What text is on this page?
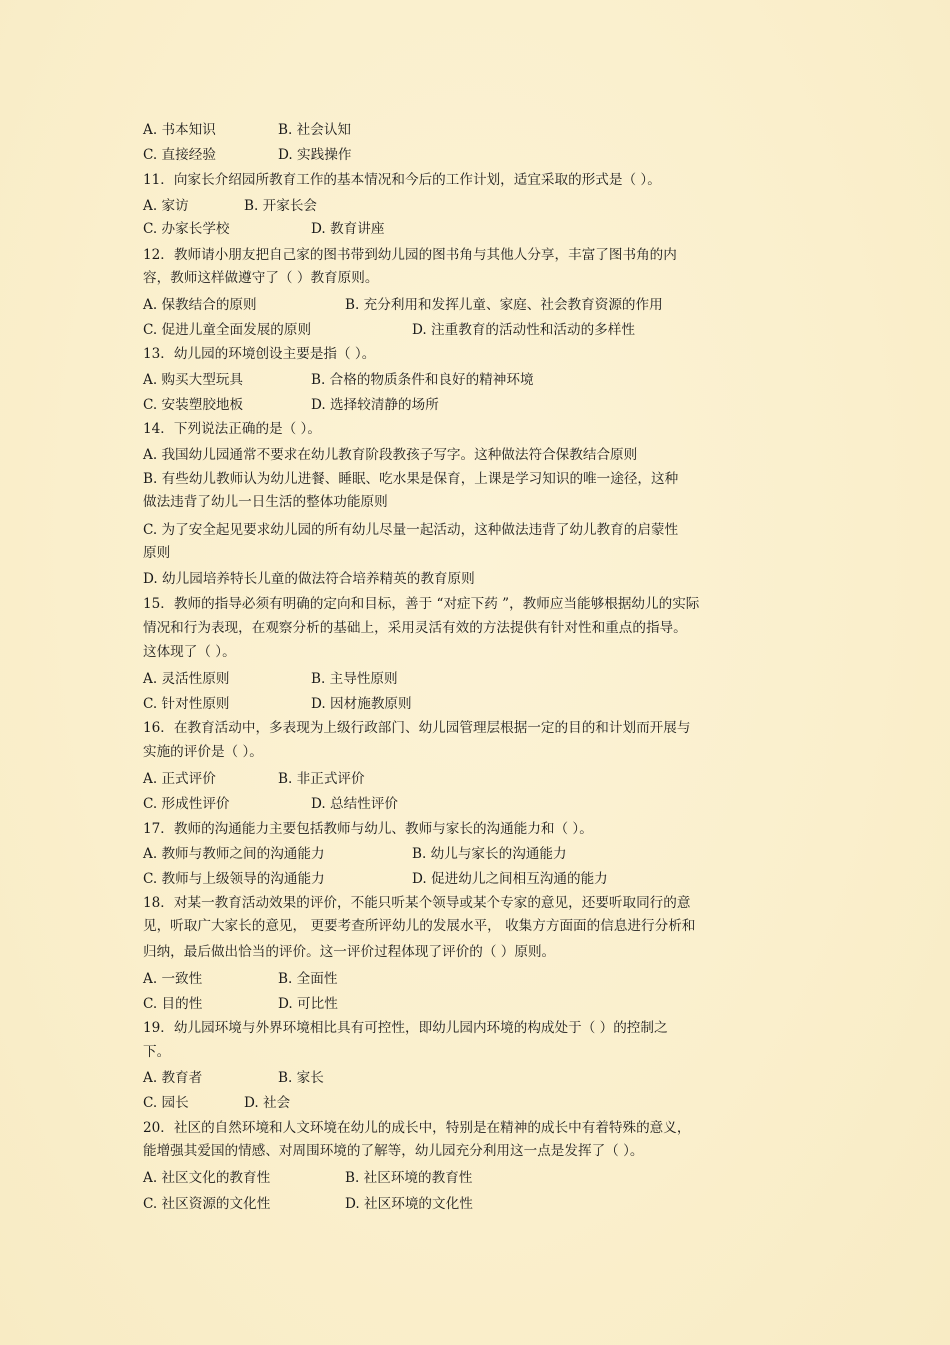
A. 书本知识	B. 社会认知
C. 直接经验	D. 实践操作
11．向家长介绍园所教育工作的基本情况和今后的工作计划，适宜采取的形式是（ ）。
A. 家访	B. 开家长会
C. 办家长学校	D. 教育讲座
12．教师请小朋友把自己家的图书带到幼儿园的图书角与其他人分享，丰富了图书角的内
容，教师这样做遵守了（ ）教育原则。
A. 保教结合的原则	B. 充分利用和发挥儿童、家庭、社会教育资源的作用
C. 促进儿童全面发展的原则	D. 注重教育的活动性和活动的多样性
13．幼儿园的环境创设主要是指（ ）。
A. 购买大型玩具	B. 合格的物质条件和良好的精神环境
C. 安装塑胶地板	D. 选择较清静的场所
14．下列说法正确的是（ ）。
A. 我国幼儿园通常不要求在幼儿教育阶段教孩子写字。这种做法符合保教结合原则
B. 有些幼儿教师认为幼儿进餐、睡眠、吃水果是保育，上课是学习知识的唯一途径，这种
做法违背了幼儿一日生活的整体功能原则
C. 为了安全起见要求幼儿园的所有幼儿尽量一起活动，这种做法违背了幼儿教育的启蒙性
原则
D. 幼儿园培养特长儿童的做法符合培养精英的教育原则
15．教师的指导必须有明确的定向和目标，善于 “对症下药 ”，教师应当能够根据幼儿的实际
情况和行为表现，在观察分析的基础上，采用灵活有效的方法提供有针对性和重点的指导。
这体现了（ ）。
A. 灵活性原则	B. 主导性原则
C. 针对性原则	D. 因材施教原则
16．在教育活动中，多表现为上级行政部门、幼儿园管理层根据一定的目的和计划而开展与
实施的评价是（ ）。
A. 正式评价	B. 非正式评价
C. 形成性评价	D. 总结性评价
17．教师的沟通能力主要包括教师与幼儿、教师与家长的沟通能力和（ ）。
A. 教师与教师之间的沟通能力	B. 幼儿与家长的沟通能力
C. 教师与上级领导的沟通能力	D. 促进幼儿之间相互沟通的能力
18．对某一教育活动效果的评价，不能只听某个领导或某个专家的意见，还要听取同行的意
见，听取广大家长的意见， 更要考查所评幼儿的发展水平， 收集方方面面的信息进行分析和
归纳，最后做出恰当的评价。这一评价过程体现了评价的（ ）原则。
A. 一致性	B. 全面性
C. 目的性	D. 可比性
19．幼儿园环境与外界环境相比具有可控性，即幼儿园内环境的构成处于（ ）的控制之
下。
A. 教育者	B. 家长
C. 园长	D. 社会
20．社区的自然环境和人文环境在幼儿的成长中，特别是在精神的成长中有着特殊的意义，
能增强其爱国的情感、对周围环境的了解等，幼儿园充分利用这一点是发挥了（ ）。
A. 社区文化的教育性	B. 社区环境的教育性
C. 社区资源的文化性	D. 社区环境的文化性
